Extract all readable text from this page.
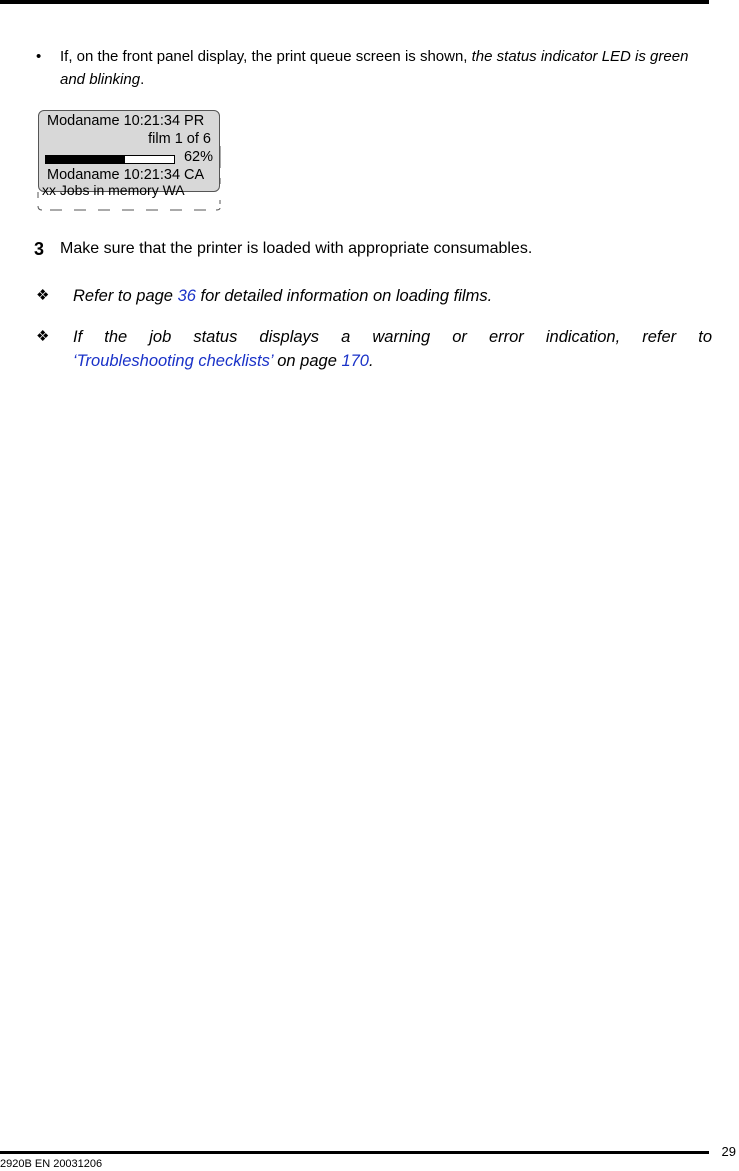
• If, on the front panel display, the print queue screen is shown, the status indicator LED is green and blinking.
Modaname 10:21:34 PR
film 1 of 6
62%
Modaname 10:21:34 CA
xx Jobs in memory WA
3 Make sure that the printer is loaded with appropriate consumables.
❖ Refer to page 36 for detailed information on loading films.
❖ If the job status displays a warning or error indication, refer to
‘Troubleshooting checklists’ on page 170.
2920B EN 20031206
29
